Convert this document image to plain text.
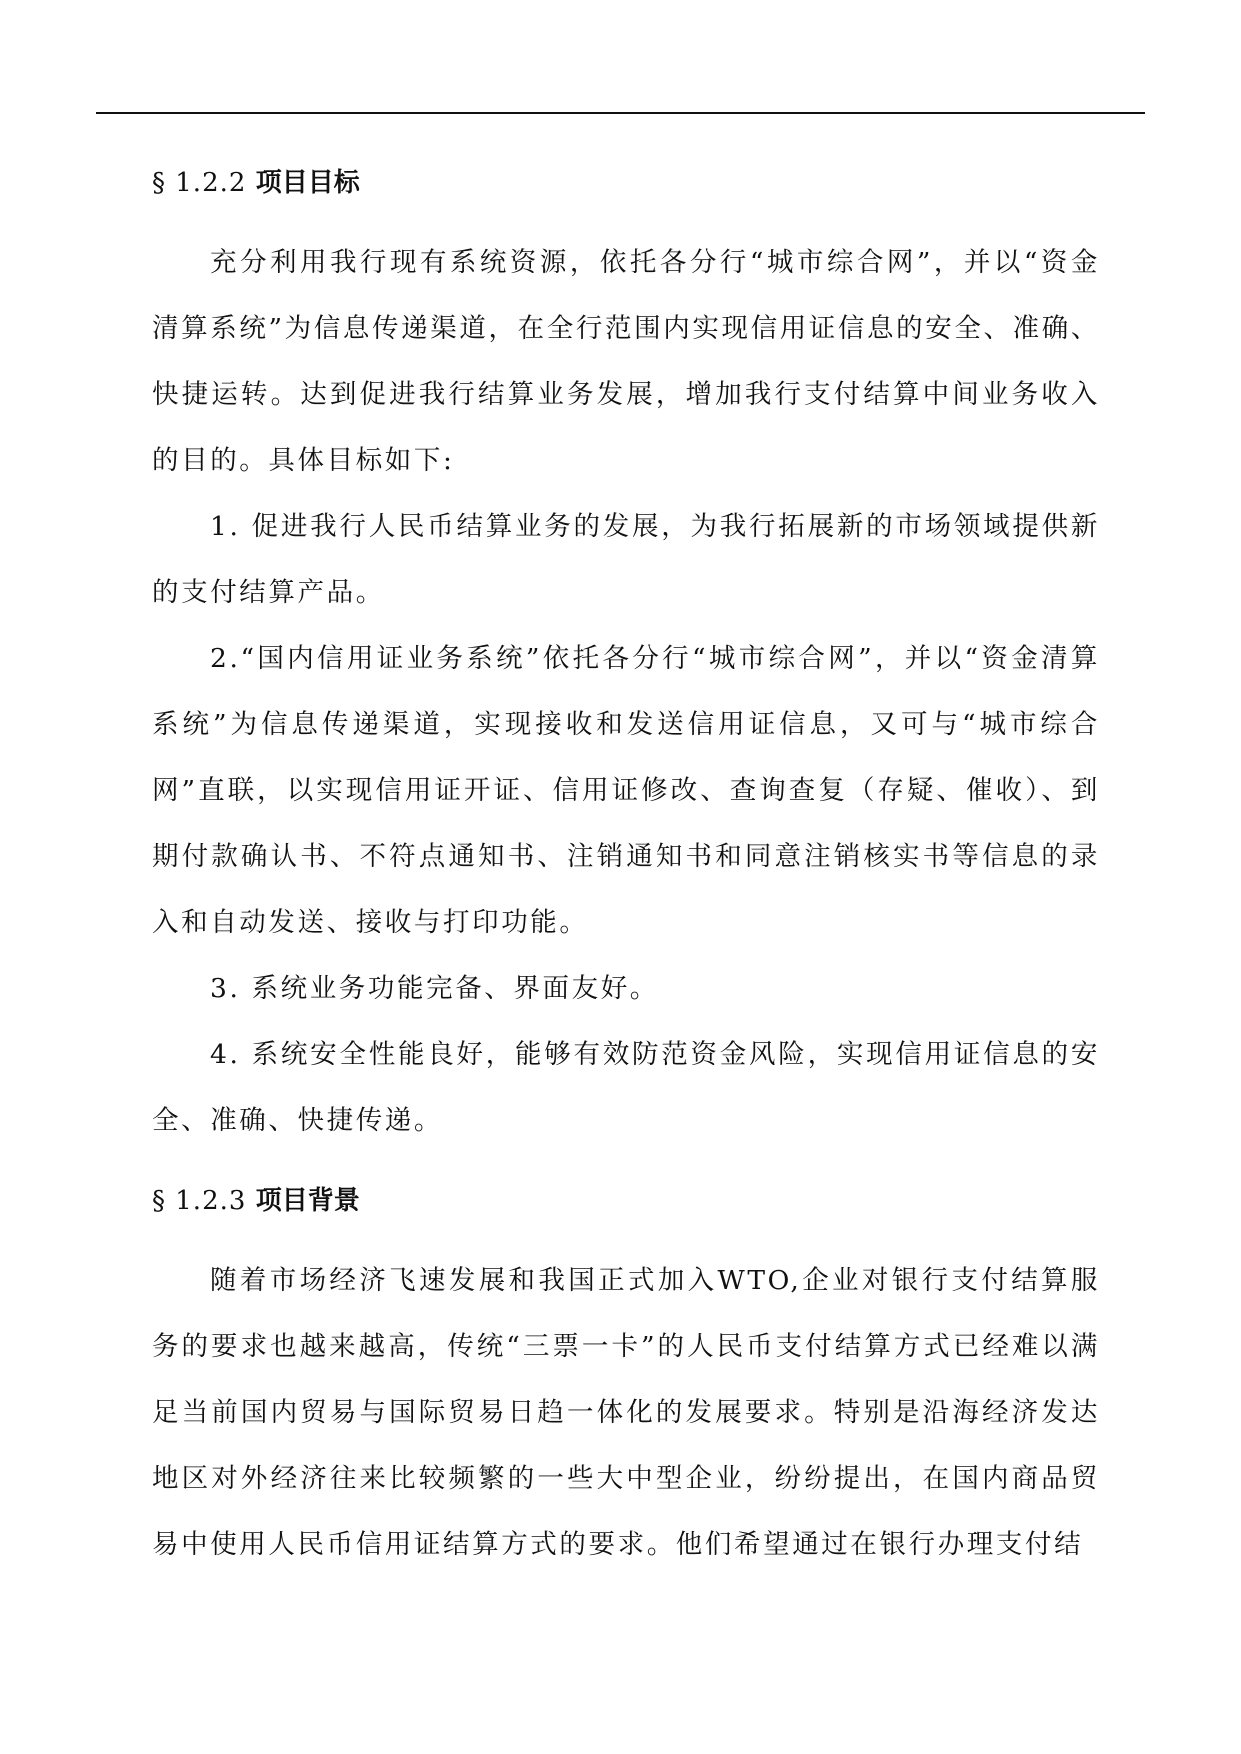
§ 1.2.2 项目目标

充分利用我行现有系统资源，依托各分行“城市综合网”，并以“资金清算系统”为信息传递渠道，在全行范围内实现信用证信息的安全、准确、快捷运转。达到促进我行结算业务发展，增加我行支付结算中间业务收入的目的。具体目标如下:

1. 促进我行人民币结算业务的发展，为我行拓展新的市场领域提供新的支付结算产品。

2.“国内信用证业务系统”依托各分行“城市综合网”，并以“资金清算系统”为信息传递渠道，实现接收和发送信用证信息，又可与“城市综合网”直联，以实现信用证开证、信用证修改、查询查复（存疑、催收）、到期付款确认书、不符点通知书、注销通知书和同意注销核实书等信息的录入和自动发送、接收与打印功能。

3. 系统业务功能完备、界面友好。

4. 系统安全性能良好，能够有效防范资金风险，实现信用证信息的安全、准确、快捷传递。

§ 1.2.3 项目背景

随着市场经济飞速发展和我国正式加入WTO,企业对银行支付结算服务的要求也越来越高，传统“三票一卡”的人民币支付结算方式已经难以满足当前国内贸易与国际贸易日趋一体化的发展要求。特别是沿海经济发达地区对外经济往来比较频繁的一些大中型企业，纷纷提出，在国内商品贸易中使用人民币信用证结算方式的要求。他们希望通过在银行办理支付结
